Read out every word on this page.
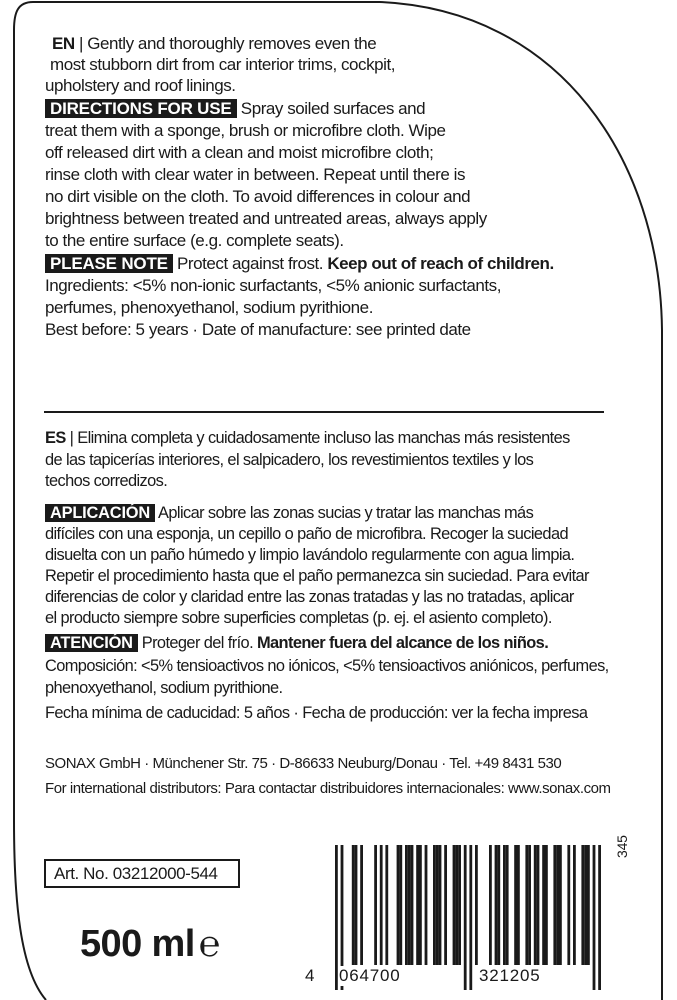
EN | Gently and thoroughly removes even the

most stubborn dirt from car interior trims, cockpit,

upholstery and roof linings.

DIRECTIONS FOR USE Spray soiled surfaces and

treat them with a sponge, brush or microfibre cloth. Wipe

off released dirt with a clean and moist microfibre cloth;

rinse cloth with clear water in between. Repeat until there is

no dirt visible on the cloth. To avoid differences in colour and

brightness between treated and untreated areas, always apply

to the entire surface (e.g. complete seats).

PLEASE NOTE Protect against frost. Keep out of reach of children.

Ingredients: <5% non-ionic surfactants, <5% anionic surfactants,

perfumes, phenoxyethanol, sodium pyrithione.

Best before: 5 years · Date of manufacture: see printed date

ES | Elimina completa y cuidadosamente incluso las manchas más resistentes

de las tapicerías interiores, el salpicadero, los revestimientos textiles y los

techos corredizos.

APLICACIÓN Aplicar sobre las zonas sucias y tratar las manchas más

difíciles con una esponja, un cepillo o paño de microfibra. Recoger la suciedad

disuelta con un paño húmedo y limpio lavándolo regularmente con agua limpia.

Repetir el procedimiento hasta que el paño permanezca sin suciedad. Para evitar

diferencias de color y claridad entre las zonas tratadas y las no tratadas, aplicar

el producto siempre sobre superficies completas (p. ej. el asiento completo).

ATENCIÓN Proteger del frío. Mantener fuera del alcance de los niños.

Composición: <5% tensioactivos no iónicos, <5% tensioactivos aniónicos, perfumes,

phenoxyethanol, sodium pyrithione.

Fecha mínima de caducidad: 5 años · Fecha de producción: ver la fecha impresa

SONAX GmbH · Münchener Str. 75 · D-86633 Neuburg/Donau · Tel. +49 8431 530

For international distributors: Para contactar distribuidores internacionales: www.sonax.com

Art. No. 03212000-544
500 ml ℮
345
4 064700	321205
